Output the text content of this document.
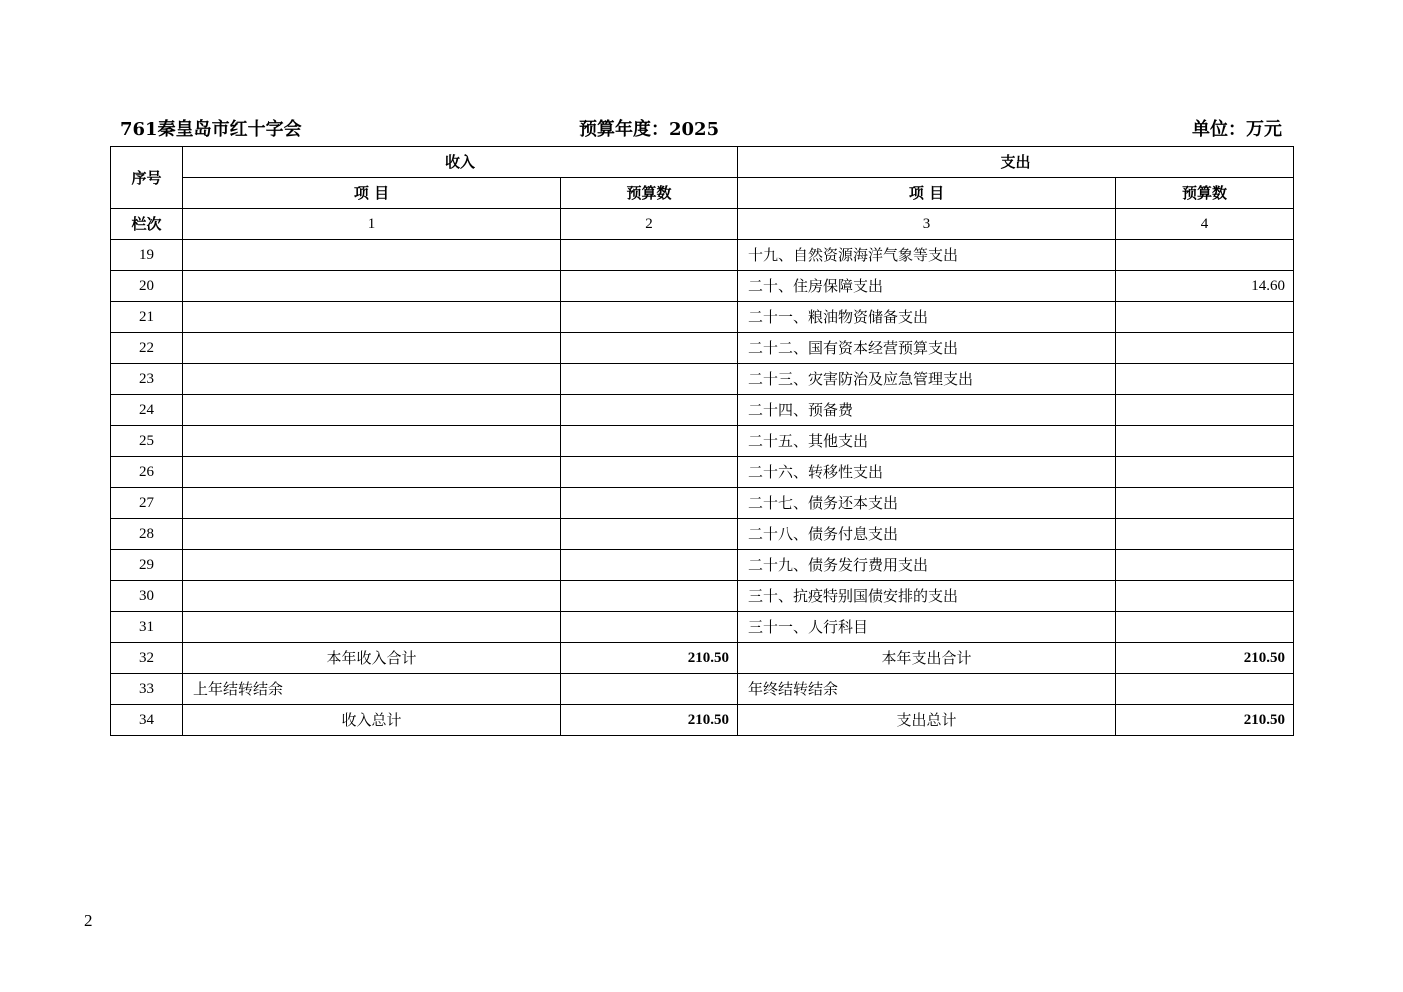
761秦皇岛市红十字会	预算年度：2025	单位：万元
序号	收入		支出	
	项 目	预算数	项 目	预算数
栏次	1	2	3	4
19			十九、自然资源海洋气象等支出	
20			二十、住房保障支出	14.60
21			二十一、粮油物资储备支出	
22			二十二、国有资本经营预算支出	
23			二十三、灾害防治及应急管理支出	
24			二十四、预备费	
25			二十五、其他支出	
26			二十六、转移性支出	
27			二十七、债务还本支出	
28			二十八、债务付息支出	
29			二十九、债务发行费用支出	
30			三十、抗疫特别国债安排的支出	
31			三十一、人行科目	
32	本年收入合计	210.50	本年支出合计	210.50
33	上年结转结余		年终结转结余	
34	收入总计	210.50	支出总计	210.50
2
